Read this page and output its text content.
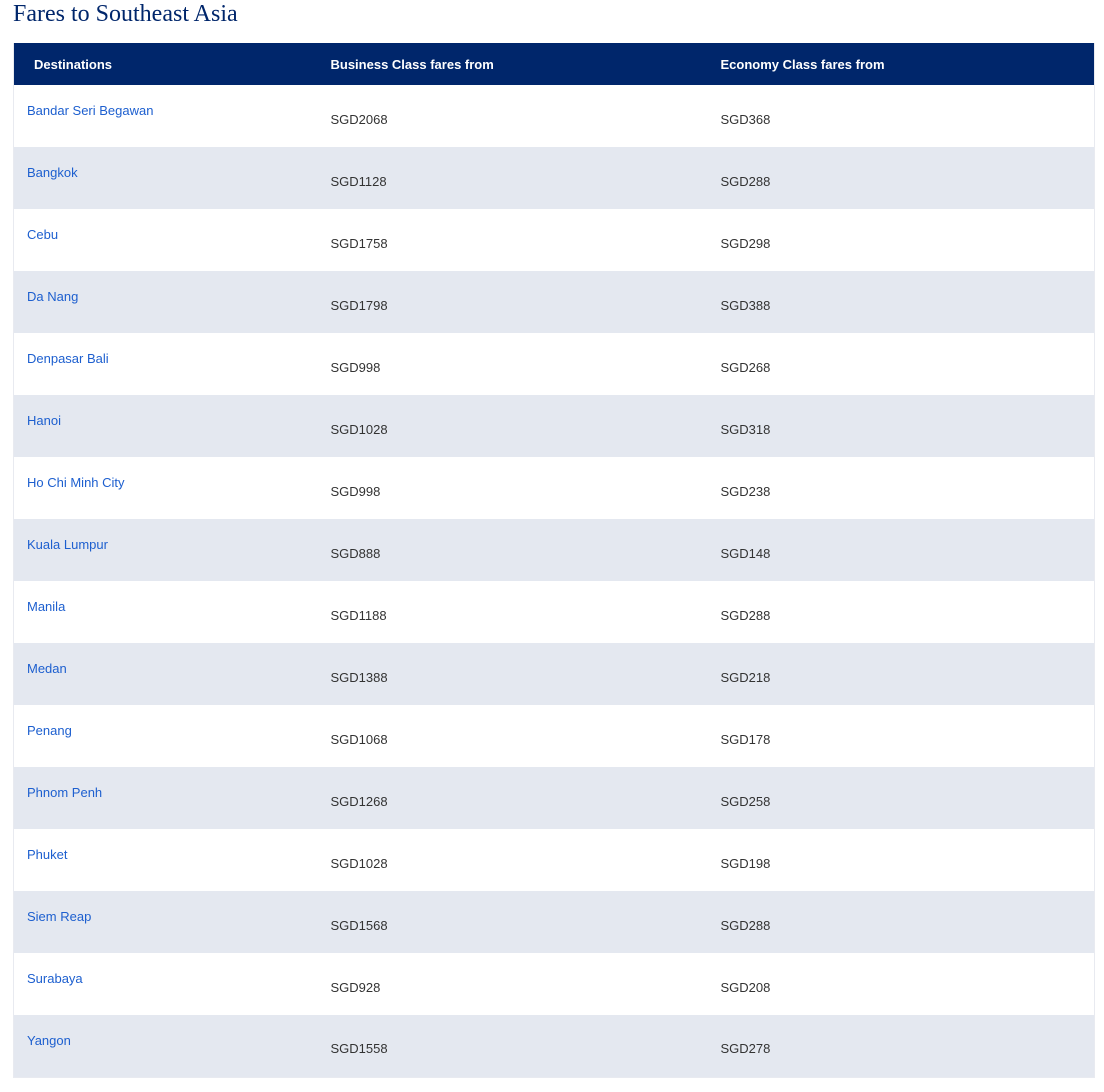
Fares to Southeast Asia
Destinations	Business Class fares from	Economy Class fares from
Bandar Seri Begawan	SGD2068	SGD368
Bangkok	SGD1128	SGD288
Cebu	SGD1758	SGD298
Da Nang	SGD1798	SGD388
Denpasar Bali	SGD998	SGD268
Hanoi	SGD1028	SGD318
Ho Chi Minh City	SGD998	SGD238
Kuala Lumpur	SGD888	SGD148
Manila	SGD1188	SGD288
Medan	SGD1388	SGD218
Penang	SGD1068	SGD178
Phnom Penh	SGD1268	SGD258
Phuket	SGD1028	SGD198
Siem Reap	SGD1568	SGD288
Surabaya	SGD928	SGD208
Yangon	SGD1558	SGD278
